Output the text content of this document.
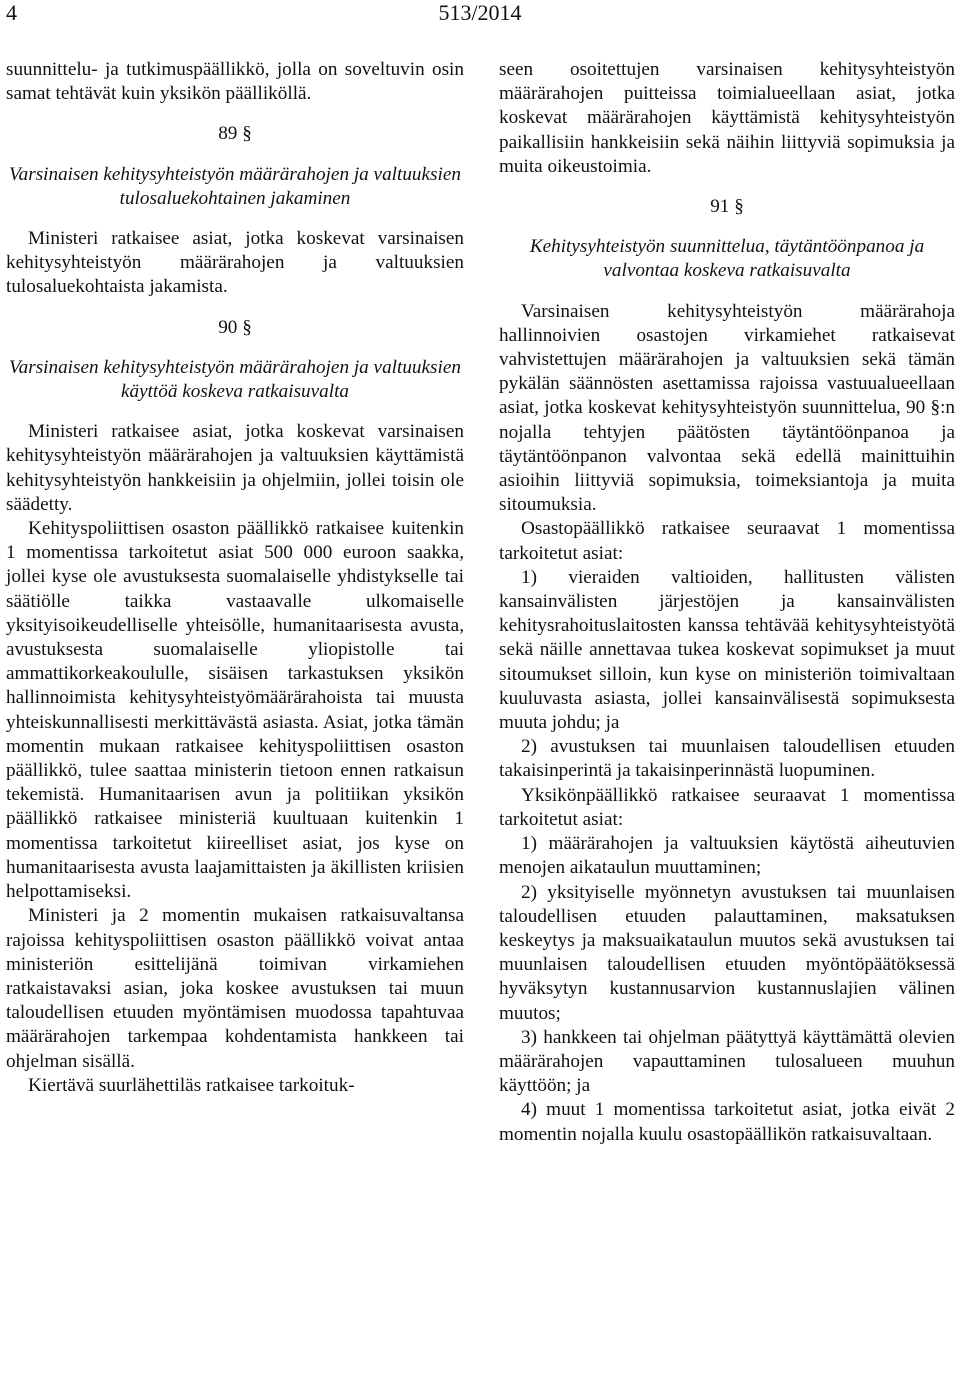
4	513/2014

suunnittelu- ja tutkimuspäällikkö, jolla on soveltuvin osin samat tehtävät kuin yksikön päälliköllä.

89 §

Varsinaisen kehitysyhteistyön määrärahojen ja valtuuksien tulosaluekohtainen jakaminen

Ministeri ratkaisee asiat, jotka koskevat varsinaisen kehitysyhteistyön määrärahojen ja valtuuksien tulosaluekohtaista jakamista.

90 §

Varsinaisen kehitysyhteistyön määrärahojen ja valtuuksien käyttöä koskeva ratkaisuvalta

Ministeri ratkaisee asiat, jotka koskevat varsinaisen kehitysyhteistyön määrärahojen ja valtuuksien käyttämistä kehitysyhteistyön hankkeisiin ja ohjelmiin, jollei toisin ole säädetty.

Kehityspoliittisen osaston päällikkö ratkaisee kuitenkin 1 momentissa tarkoitetut asiat 500 000 euroon saakka, jollei kyse ole avustuksesta suomalaiselle yhdistykselle tai säätiölle taikka vastaavalle ulkomaiselle yksityisoikeudelliselle yhteisölle, humanitaarisesta avusta, avustuksesta suomalaiselle yliopistolle tai ammattikorkeakoululle, sisäisen tarkastuksen yksikön hallinnoimista kehitysyhteistyömäärärahoista tai muusta yhteiskunnallisesti merkittävästä asiasta. Asiat, jotka tämän momentin mukaan ratkaisee kehityspoliittisen osaston päällikkö, tulee saattaa ministerin tietoon ennen ratkaisun tekemistä. Humanitaarisen avun ja politiikan yksikön päällikkö ratkaisee ministeriä kuultuaan kuitenkin 1 momentissa tarkoitetut kiireelliset asiat, jos kyse on humanitaarisesta avusta laajamittaisten ja äkillisten kriisien helpottamiseksi.

Ministeri ja 2 momentin mukaisen ratkaisuvaltansa rajoissa kehityspoliittisen osaston päällikkö voivat antaa ministeriön esittelijänä toimivan virkamiehen ratkaistavaksi asian, joka koskee avustuksen tai muun taloudellisen etuuden myöntämisen muodossa tapahtuvaa määrärahojen tarkempaa kohdentamista hankkeen tai ohjelman sisällä.

Kiertävä suurlähettiläs ratkaisee tarkoituk-

seen osoitettujen varsinaisen kehitysyhteistyön määrärahojen puitteissa toimialueellaan asiat, jotka koskevat määrärahojen käyttämistä kehitysyhteistyön paikallisiin hankkeisiin sekä näihin liittyviä sopimuksia ja muita oikeustoimia.

91 §

Kehitysyhteistyön suunnittelua, täytäntöönpanoa ja valvontaa koskeva ratkaisuvalta

Varsinaisen kehitysyhteistyön määrärahoja hallinnoivien osastojen virkamiehet ratkaisevat vahvistettujen määrärahojen ja valtuuksien sekä tämän pykälän säännösten asettamissa rajoissa vastuualueellaan asiat, jotka koskevat kehitysyhteistyön suunnittelua, 90 §:n nojalla tehtyjen päätösten täytäntöönpanoa ja täytäntöönpanon valvontaa sekä edellä mainittuihin asioihin liittyviä sopimuksia, toimeksiantoja ja muita sitoumuksia.

Osastopäällikkö ratkaisee seuraavat 1 momentissa tarkoitetut asiat:

1) vieraiden valtioiden, hallitusten välisten kansainvälisten järjestöjen ja kansainvälisten kehitysrahoituslaitosten kanssa tehtävää kehitysyhteistyötä sekä näille annettavaa tukea koskevat sopimukset ja muut sitoumukset silloin, kun kyse on ministeriön toimivaltaan kuuluvasta asiasta, jollei kansainvälisestä sopimuksesta muuta johdu; ja

2) avustuksen tai muunlaisen taloudellisen etuuden takaisinperintä ja takaisinperinnästä luopuminen.

Yksikönpäällikkö ratkaisee seuraavat 1 momentissa tarkoitetut asiat:

1) määrärahojen ja valtuuksien käytöstä aiheutuvien menojen aikataulun muuttaminen;

2) yksityiselle myönnetyn avustuksen tai muunlaisen taloudellisen etuuden palauttaminen, maksatuksen keskeytys ja maksuaikataulun muutos sekä avustuksen tai muunlaisen taloudellisen etuuden myöntöpäätöksessä hyväksytyn kustannusarvion kustannuslajien välinen muutos;

3) hankkeen tai ohjelman päätyttyä käyttämättä olevien määrärahojen vapauttaminen tulosalueen muuhun käyttöön; ja

4) muut 1 momentissa tarkoitetut asiat, jotka eivät 2 momentin nojalla kuulu osastopäällikön ratkaisuvaltaan.
